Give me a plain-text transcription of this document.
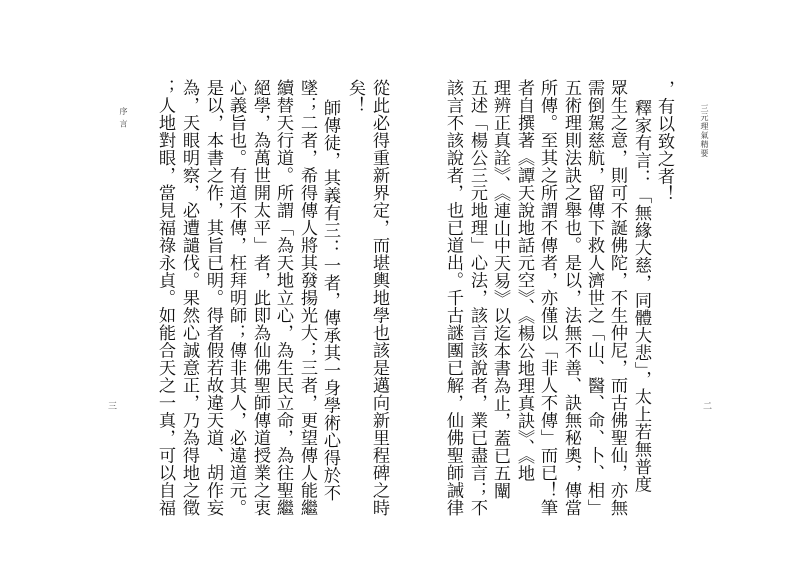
三元理氣精要
二
序 言
三
，有以致之者！
釋家有言：「無緣大慈，同體大悲」，太上若無普度
眾生之意，則可不誕佛陀，不生仲尼，而古佛聖仙，亦無
需倒駕慈航，留傳下救人濟世之「山、醫、命、卜、相」
五術理則法訣之舉也。是以，法無不善、訣無秘奧，傳當
所傳。至其之所謂不傳者，亦僅以「非人不傳」而已！筆
者自撰著《譚天說地話元空》、《楊公地理真訣》、《地
理辨正真詮》、《連山中天易》以迄本書為止，蓋已五闡
五述「楊公三元地理」心法，該言該說者，業已盡言；不
該言不該說者，也已道出。千古謎團已解，仙佛聖師誡律
從此必得重新界定，而堪輿地學也該是邁向新里程碑之時
矣！
師傳徒，其義有三：一者，傳承其一身學術心得於不
墜；二者，希得傳人將其發揚光大；三者，更望傳人能繼
續替天行道。所謂「為天地立心，為生民立命，為往聖繼
絕學，為萬世開太平」者，此即為仙佛聖師傳道授業之衷
心義旨也。有道不傳，枉拜明師；傳非其人，必違道元。
是以，本書之作，其旨已明。得者假若故違天道、胡作妄
為，天眼明察，必遭譴伐。果然心誠意正，乃為得地之徵
；人地對眼，當見福祿永貞。如能合天之一真，可以自福
